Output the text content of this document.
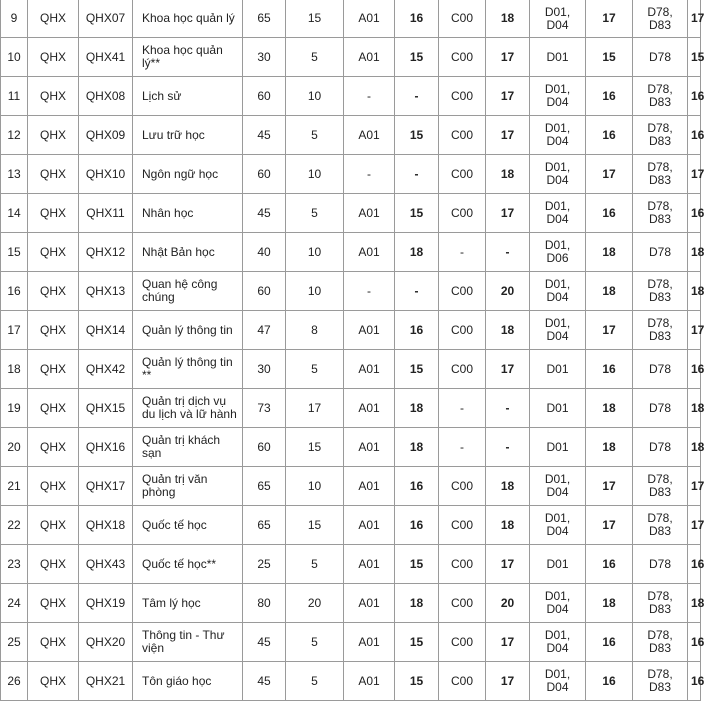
9	QHX	QHX07	Khoa học quản lý	65	15	A01	16	C00	18	D01, D04	17	D78, D83	17
10	QHX	QHX41	Khoa học quản lý**	30	5	A01	15	C00	17	D01	15	D78	15
11	QHX	QHX08	Lịch sử	60	10	-	-	C00	17	D01, D04	16	D78, D83	16
12	QHX	QHX09	Lưu trữ học	45	5	A01	15	C00	17	D01, D04	16	D78, D83	16
13	QHX	QHX10	Ngôn ngữ học	60	10	-	-	C00	18	D01, D04	17	D78, D83	17
14	QHX	QHX11	Nhân học	45	5	A01	15	C00	17	D01, D04	16	D78, D83	16
15	QHX	QHX12	Nhật Bản học	40	10	A01	18	-	-	D01, D06	18	D78	18
16	QHX	QHX13	Quan hệ công chúng	60	10	-	-	C00	20	D01, D04	18	D78, D83	18
17	QHX	QHX14	Quản lý thông tin	47	8	A01	16	C00	18	D01, D04	17	D78, D83	17
18	QHX	QHX42	Quản lý thông tin **	30	5	A01	15	C00	17	D01	16	D78	16
19	QHX	QHX15	Quản trị dịch vụ du lịch và lữ hành	73	17	A01	18	-	-	D01	18	D78	18
20	QHX	QHX16	Quản trị khách sạn	60	15	A01	18	-	-	D01	18	D78	18
21	QHX	QHX17	Quản trị văn phòng	65	10	A01	16	C00	18	D01, D04	17	D78, D83	17
22	QHX	QHX18	Quốc tế học	65	15	A01	16	C00	18	D01, D04	17	D78, D83	17
23	QHX	QHX43	Quốc tế học**	25	5	A01	15	C00	17	D01	16	D78	16
24	QHX	QHX19	Tâm lý học	80	20	A01	18	C00	20	D01, D04	18	D78, D83	18
25	QHX	QHX20	Thông tin - Thư viện	45	5	A01	15	C00	17	D01, D04	16	D78, D83	16
26	QHX	QHX21	Tôn giáo học	45	5	A01	15	C00	17	D01, D04	16	D78, D83	16
